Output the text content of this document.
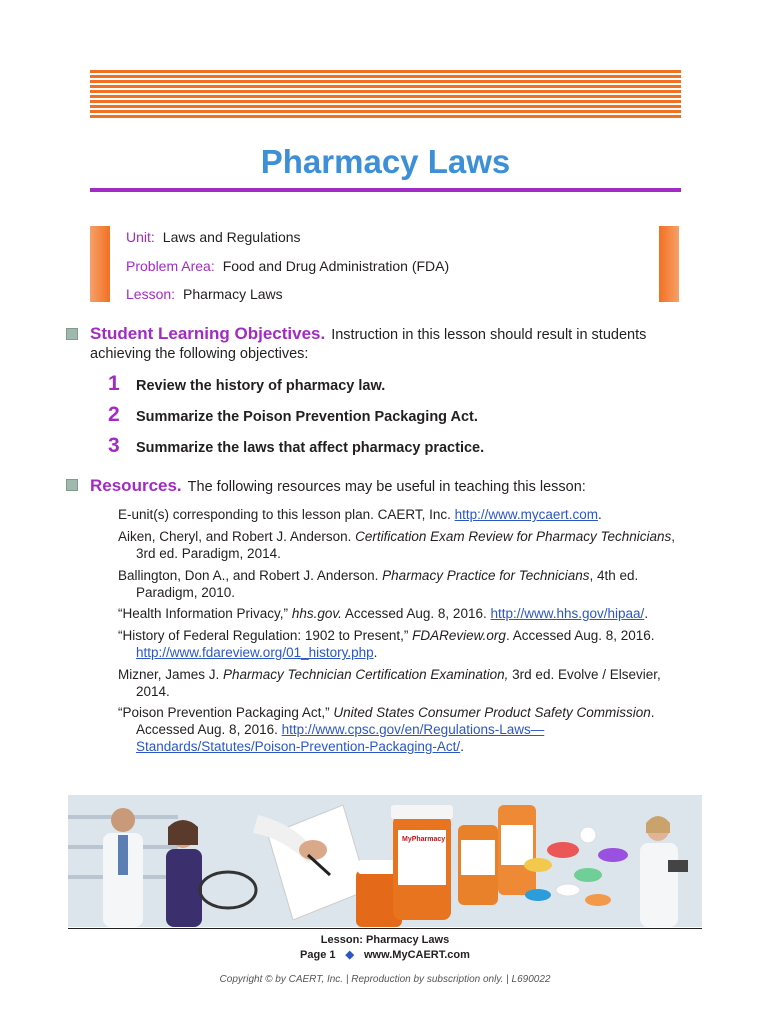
Pharmacy Laws
Unit: Laws and Regulations
Problem Area: Food and Drug Administration (FDA)
Lesson: Pharmacy Laws
Student Learning Objectives. Instruction in this lesson should result in students
achieving the following objectives:
1 Review the history of pharmacy law.
2 Summarize the Poison Prevention Packaging Act.
3 Summarize the laws that affect pharmacy practice.
Resources. The following resources may be useful in teaching this lesson:
E-unit(s) corresponding to this lesson plan. CAERT, Inc. http://www.mycaert.com.
Aiken, Cheryl, and Robert J. Anderson. Certification Exam Review for Pharmacy Technicians, 3rd ed. Paradigm, 2014.
Ballington, Don A., and Robert J. Anderson. Pharmacy Practice for Technicians, 4th ed. Paradigm, 2010.
“Health Information Privacy,” hhs.gov. Accessed Aug. 8, 2016. http://www.hhs.gov/hipaa/.
“History of Federal Regulation: 1902 to Present,” FDAReview.org. Accessed Aug. 8, 2016. http://www.fdareview.org/01_history.php.
Mizner, James J. Pharmacy Technician Certification Examination, 3rd ed. Evolve / Elsevier, 2014.
“Poison Prevention Packaging Act,” United States Consumer Product Safety Commission. Accessed Aug. 8, 2016. http://www.cpsc.gov/en/Regulations-Laws—Standards/Statutes/Poison-Prevention-Packaging-Act/.
MyPharmacy
Lesson: Pharmacy Laws
Page 1 ◆ www.MyCAERT.com
Copyright © by CAERT, Inc. | Reproduction by subscription only. | L690022
